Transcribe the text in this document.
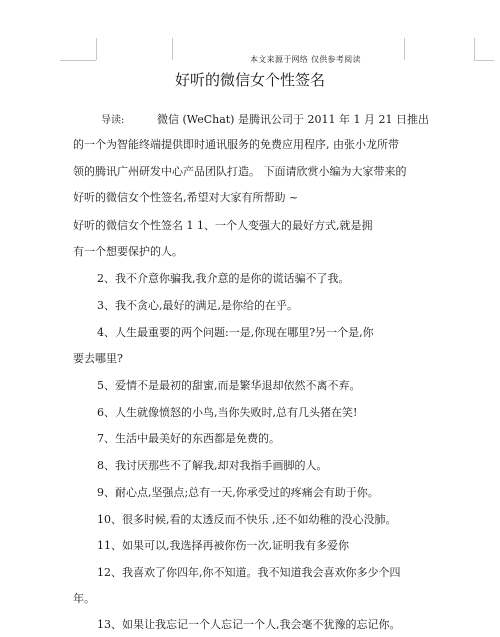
本文来源于网络 仅供参考阅读
好听的微信女个性签名
导读:	微信 (WeChat) 是腾讯公司于 2011 年 1 月 21 日推出
的一个为智能终端提供即时通讯服务的免费应用程序, 由张小龙所带
领的腾讯广州研发中心产品团队打造。 下面请欣赏小编为大家带来的
好听的微信女个性签名,希望对大家有所帮助 ~
好听的微信女个性签名 1 1、一个人变强大的最好方式,就是拥
有一个想要保护的人。
2、我不介意你骗我,我介意的是你的谎话骗不了我。
3、我不贪心,最好的满足,是你给的在乎。
4、人生最重要的两个问题:一是,你现在哪里?另一个是,你
要去哪里?
5、爱情不是最初的甜蜜,而是繁华退却依然不离不弃。
6、人生就像愤怒的小鸟,当你失败时,总有几头猪在笑!
7、生活中最美好的东西都是免费的。
8、我讨厌那些不了解我,却对我指手画脚的人。
9、耐心点,坚强点;总有一天,你承受过的疼痛会有助于你。
10、很多时候,看的太透反而不快乐 ,还不如幼稚的没心没肺。
11、如果可以,我选择再被你伤一次,证明我有多爱你
12、我喜欢了你四年,你不知道。我不知道我会喜欢你多少个四
年。
13、如果让我忘记一个人忘记一个人,我会毫不犹豫的忘记你。
